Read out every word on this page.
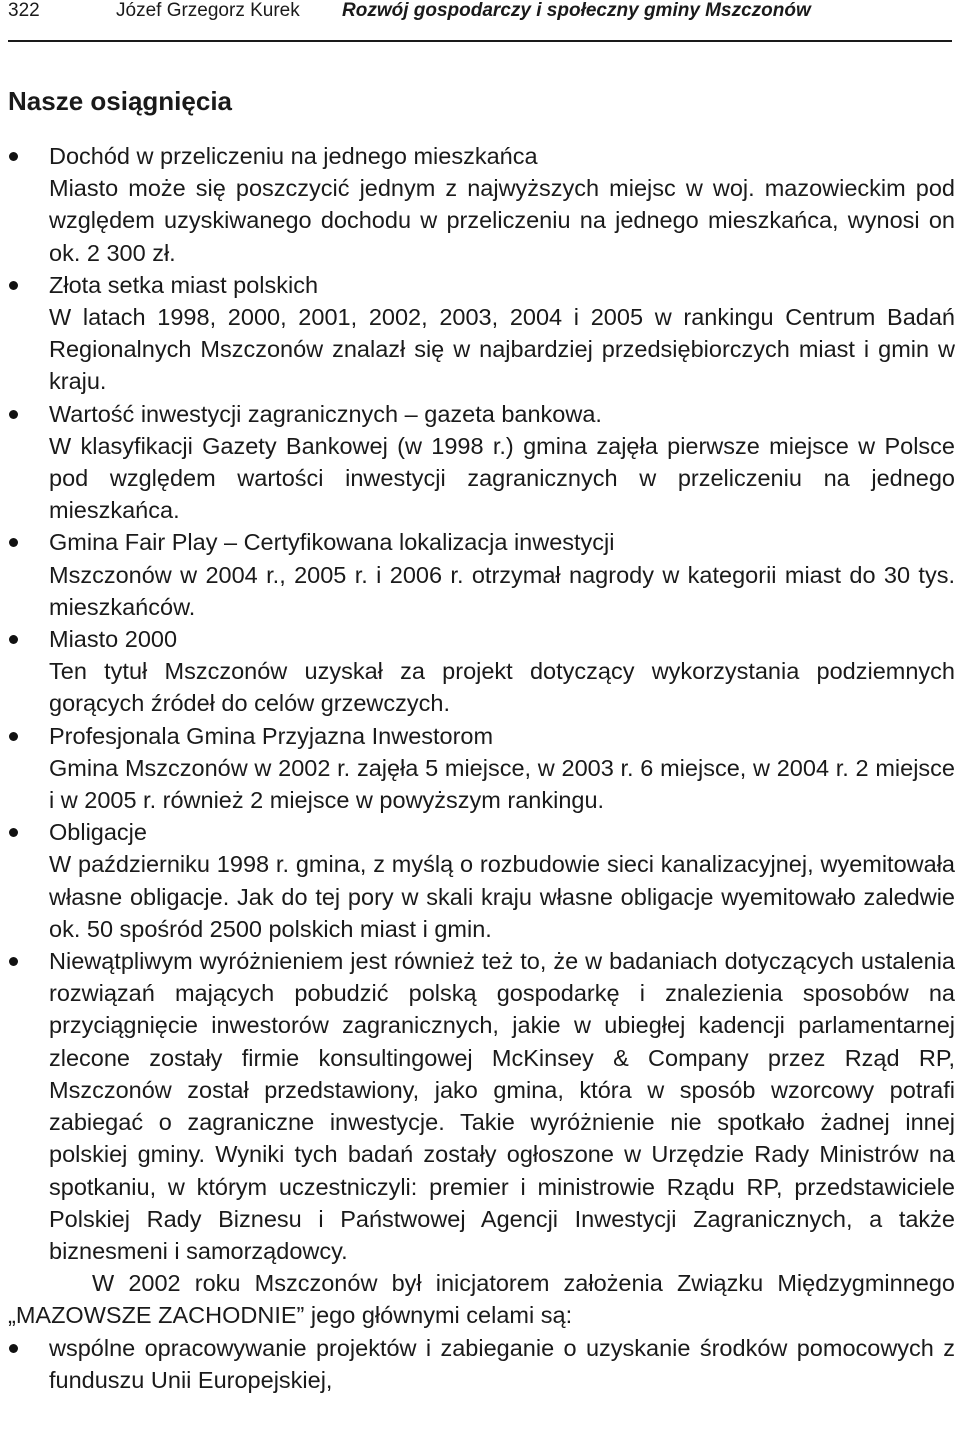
322	Józef Grzegorz Kurek Rozwój gospodarczy i społeczny gminy Mszczonów
Nasze osiągnięcia
Dochód w przeliczeniu na jednego mieszkańca
Miasto może się poszczycić jednym z najwyższych miejsc w woj. mazowieckim pod względem uzyskiwanego dochodu w przeliczeniu na jednego mieszkańca, wynosi on ok. 2 300 zł.
Złota setka miast polskich
W latach 1998, 2000, 2001, 2002, 2003, 2004 i 2005 w rankingu Centrum Badań Regionalnych Mszczonów znalazł się w najbardziej przedsiębiorczych miast i gmin w kraju.
Wartość inwestycji zagranicznych – gazeta bankowa.
W klasyfikacji Gazety Bankowej (w 1998 r.) gmina zajęła pierwsze miejsce w Polsce pod względem wartości inwestycji zagranicznych w przeliczeniu na jednego mieszkańca.
Gmina Fair Play – Certyfikowana lokalizacja inwestycji
Mszczonów w 2004 r., 2005 r. i 2006 r. otrzymał nagrody w kategorii miast do 30 tys. mieszkańców.
Miasto 2000
Ten tytuł Mszczonów uzyskał za projekt dotyczący wykorzystania podziemnych gorących źródeł do celów grzewczych.
Profesjonala Gmina Przyjazna Inwestorom
Gmina Mszczonów w 2002 r. zajęła 5 miejsce, w 2003 r. 6 miejsce, w 2004 r. 2 miejsce i w 2005 r. również 2 miejsce w powyższym rankingu.
Obligacje
W październiku 1998 r. gmina, z myślą o rozbudowie sieci kanalizacyjnej, wyemitowała własne obligacje. Jak do tej pory w skali kraju własne obligacje wyemitowało zaledwie ok. 50 spośród 2500 polskich miast i gmin.
Niewątpliwym wyróżnieniem jest również też to, że w badaniach dotyczących ustalenia rozwiązań mających pobudzić polską gospodarkę i znalezienia sposobów na przyciągnięcie inwestorów zagranicznych, jakie w ubiegłej kadencji parlamentarnej zlecone zostały firmie konsultingowej McKinsey & Company przez Rząd RP, Mszczonów został przedstawiony, jako gmina, która w sposób wzorcowy potrafi zabiegać o zagraniczne inwestycje. Takie wyróżnienie nie spotkało żadnej innej polskiej gminy. Wyniki tych badań zostały ogłoszone w Urzędzie Rady Ministrów na spotkaniu, w którym uczestniczyli: premier i ministrowie Rządu RP, przedstawiciele Polskiej Rady Biznesu i Państwowej Agencji Inwestycji Zagranicznych, a także biznesmeni i samorządowcy.

W 2002 roku Mszczonów był inicjatorem założenia Związku Międzygminnego „MAZOWSZE ZACHODNIE” jego głównymi celami są:

wspólne opracowywanie projektów i zabieganie o uzyskanie środków pomocowych z funduszu Unii Europejskiej,
